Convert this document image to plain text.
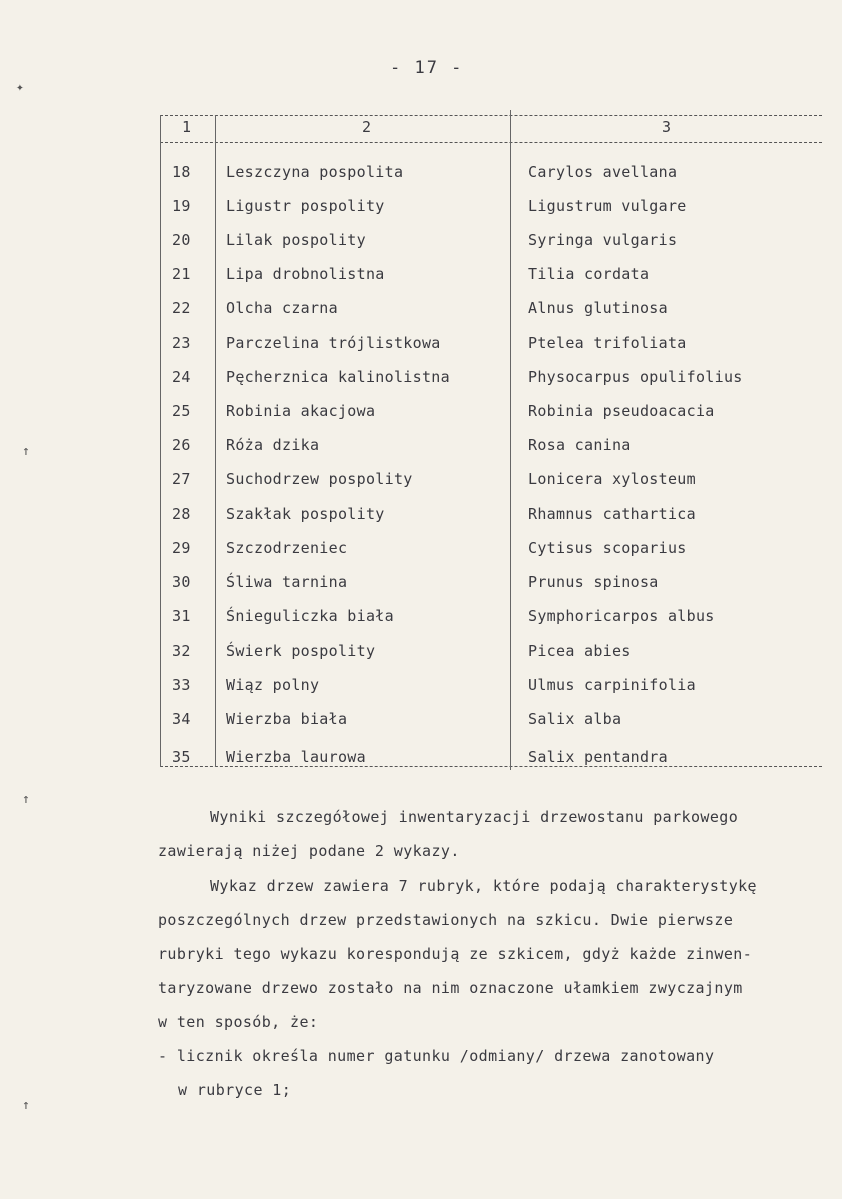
✦
↑
↑
↑
- 17 -
1	2	3
18 Leszczyna pospolita	Carylos avellana
19 Ligustr pospolity	Ligustrum vulgare
20 Lilak pospolity	Syringa vulgaris
21 Lipa drobnolistna	Tilia cordata
22 Olcha czarna	Alnus glutinosa
23 Parczelina trójlistkowa	Ptelea trifoliata
24 Pęcherznica kalinolistna	Physocarpus opulifolius
25 Robinia akacjowa	Robinia pseudoacacia
26 Róża dzika	Rosa canina
27 Suchodrzew pospolity	Lonicera xylosteum
28 Szakłak pospolity	Rhamnus cathartica
29 Szczodrzeniec	Cytisus scoparius
30 Śliwa tarnina	Prunus spinosa
31 Śnieguliczka biała	Symphoricarpos albus
32 Świerk pospolity	Picea abies
33 Wiąz polny	Ulmus carpinifolia
34 Wierzba biała	Salix alba
35 Wierzba laurowa	Salix pentandra
Wyniki szczegółowej inwentaryzacji drzewostanu parkowego
zawierają niżej podane 2 wykazy.
Wykaz drzew zawiera 7 rubryk, które podają charakterystykę
poszczególnych drzew przedstawionych na szkicu. Dwie pierwsze
rubryki tego wykazu korespondują ze szkicem, gdyż każde zinwen-
taryzowane drzewo zostało na nim oznaczone ułamkiem zwyczajnym
w ten sposób, że:
- licznik określa numer gatunku /odmiany/ drzewa zanotowany
w rubryce 1;
